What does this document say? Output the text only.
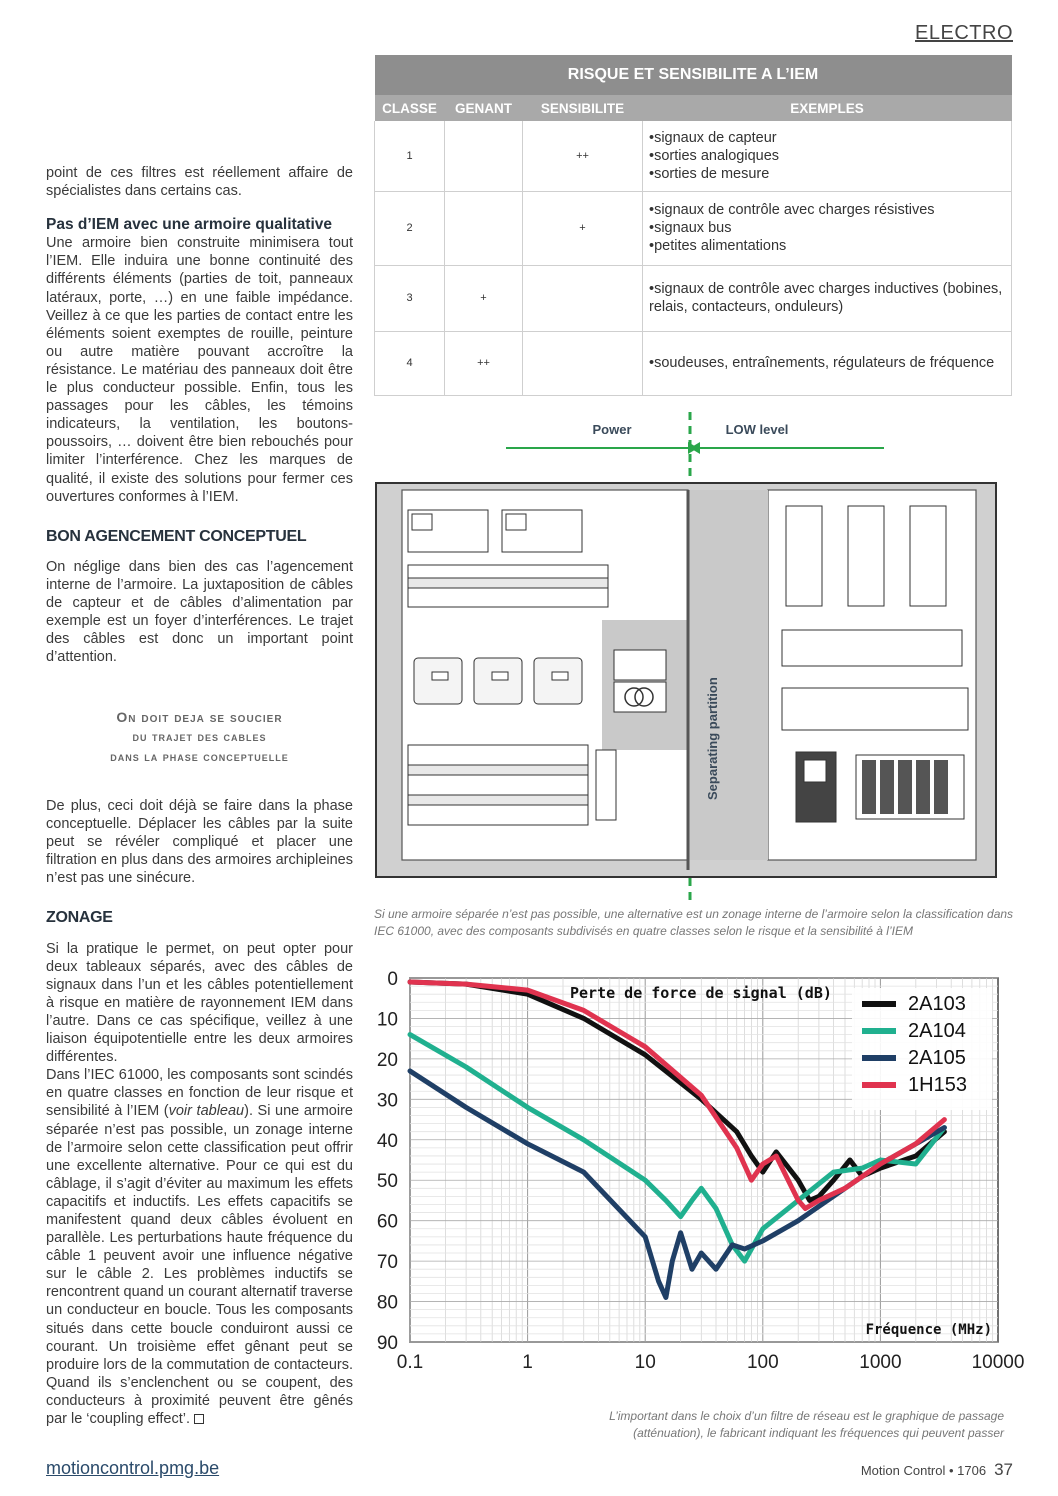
ELECTRO

point de ces filtres est réellement affaire de spécialistes dans certains cas.

Pas d’IEM avec une armoire qualitative

Une armoire bien construite minimisera tout l’IEM. Elle induira une bonne continuité des différents éléments (parties de toit, panneaux latéraux, porte, …) en une faible impédance. Veillez à ce que les parties de contact entre les éléments soient exemptes de rouille, peinture ou autre matière pouvant accroître la résistance. Le matériau des panneaux doit être le plus conducteur possible. Enfin, tous les passages pour les câbles, les témoins indicateurs, la ventilation, les boutons-poussoirs, … doivent être bien rebouchés pour limiter l’interférence. Chez les marques de qualité, il existe des solutions pour fermer ces ouvertures conformes à l’IEM.

BON AGENCEMENT CONCEPTUEL

On néglige dans bien des cas l’agencement interne de l’armoire. La juxtaposition de câbles de capteur et de câbles d’alimentation par exemple est un foyer d’interférences. Le trajet des câbles est donc un important point d’attention.

On doit deja se soucier
du trajet des cables
dans la phase conceptuelle

De plus, ceci doit déjà se faire dans la phase conceptuelle. Déplacer les câbles par la suite peut se révéler compliqué et placer une filtration en plus dans des armoires archipleines n’est pas une sinécure.

ZONAGE

Si la pratique le permet, on peut opter pour deux tableaux séparés, avec des câbles de signaux dans l’un et les câbles potentiellement à risque en matière de rayonnement IEM dans l’autre. Dans ce cas spécifique, veillez à une liaison équipotentielle entre les deux armoires différentes.

Dans l’IEC 61000, les composants sont scindés en quatre classes en fonction de leur risque et sensibilité à l’IEM (voir tableau). Si une armoire séparée n’est pas possible, un zonage interne de l’armoire selon cette classification peut offrir une excellente alternative. Pour ce qui est du câblage, il s’agit d’éviter au maximum les effets capacitifs et inductifs. Les effets capacitifs se manifestent quand deux câbles évoluent en parallèle. Les perturbations haute fréquence du câble 1 peuvent avoir une influence négative sur le câble 2. Les problèmes inductifs se rencontrent quand un courant alternatif traverse un conducteur en boucle. Tous les composants situés dans cette boucle conduiront aussi ce courant. Un troisième effet gênant peut se produire lors de la commutation de contacteurs. Quand ils s’enclenchent ou se coupent, des conducteurs à proximité peuvent être gênés par le ‘coupling effect’.

RISQUE ET SENSIBILITE A L’IEM			
CLASSE	GENANT	SENSIBILITE	EXEMPLES
1		++	•signaux de capteur
•sorties analogiques
•sorties de mesure
2		+	•signaux de contrôle avec charges résistives
•signaux bus
•petites alimentations
3	+		•signaux de contrôle avec charges inductives (bobines, relais, contacteurs, onduleurs)
4	++		•soudeuses, entraînements, régulateurs de fréquence
Power	LOW level
Separating partition
Si une armoire séparée n’est pas possible, une alternative est un zonage interne de l’armoire selon la classification dans IEC 61000, avec des composants subdivisés en quatre classes selon le risque et la sensibilité à l’IEM
0
10
20
30
40
50
60
70
80
90
0.1	1	10	100	1000	10000
Perte de force de signal (dB)
Fréquence (MHz)
2A103
2A104
2A105
1H153
L’important dans le choix d’un filtre de réseau est le graphique de passage (atténuation), le fabricant indiquant les fréquences qui peuvent passer
motioncontrol.pmg.be	Motion Control • 1706 37
